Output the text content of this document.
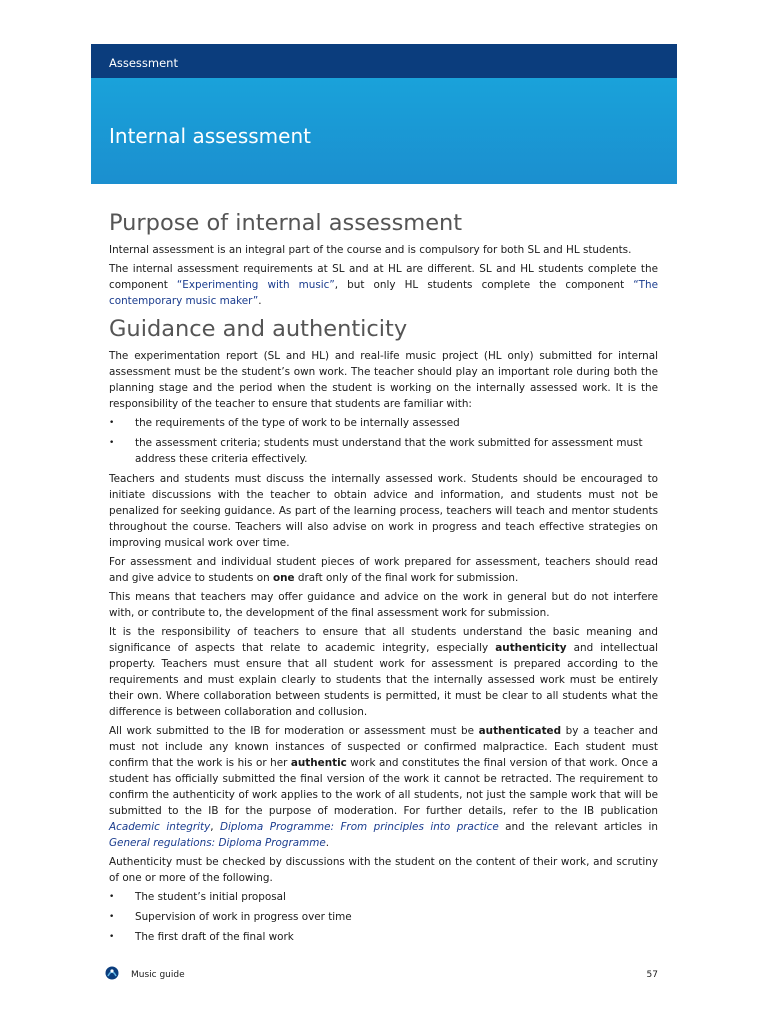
Assessment
Internal assessment
Purpose of internal assessment

Internal assessment is an integral part of the course and is compulsory for both SL and HL students.

The internal assessment requirements at SL and at HL are different. SL and HL students complete the component “Experimenting with music”, but only HL students complete the component “The contemporary music maker”.

Guidance and authenticity

The experimentation report (SL and HL) and real-life music project (HL only) submitted for internal assessment must be the student’s own work. The teacher should play an important role during both the planning stage and the period when the student is working on the internally assessed work. It is the responsibility of the teacher to ensure that students are familiar with:

• the requirements of the type of work to be internally assessed
• the assessment criteria; students must understand that the work submitted for assessment must address these criteria effectively.

Teachers and students must discuss the internally assessed work. Students should be encouraged to initiate discussions with the teacher to obtain advice and information, and students must not be penalized for seeking guidance. As part of the learning process, teachers will teach and mentor students throughout the course. Teachers will also advise on work in progress and teach effective strategies on improving musical work over time.

For assessment and individual student pieces of work prepared for assessment, teachers should read and give advice to students on one draft only of the final work for submission.

This means that teachers may offer guidance and advice on the work in general but do not interfere with, or contribute to, the development of the final assessment work for submission.

It is the responsibility of teachers to ensure that all students understand the basic meaning and significance of aspects that relate to academic integrity, especially authenticity and intellectual property. Teachers must ensure that all student work for assessment is prepared according to the requirements and must explain clearly to students that the internally assessed work must be entirely their own. Where collaboration between students is permitted, it must be clear to all students what the difference is between collaboration and collusion.

All work submitted to the IB for moderation or assessment must be authenticated by a teacher and must not include any known instances of suspected or confirmed malpractice. Each student must confirm that the work is his or her authentic work and constitutes the final version of that work. Once a student has officially submitted the final version of the work it cannot be retracted. The requirement to confirm the authenticity of work applies to the work of all students, not just the sample work that will be submitted to the IB for the purpose of moderation. For further details, refer to the IB publication Academic integrity, Diploma Programme: From principles into practice and the relevant articles in General regulations: Diploma Programme.

Authenticity must be checked by discussions with the student on the content of their work, and scrutiny of one or more of the following.

• The student’s initial proposal
• Supervision of work in progress over time
• The first draft of the final work
Music guide	57
